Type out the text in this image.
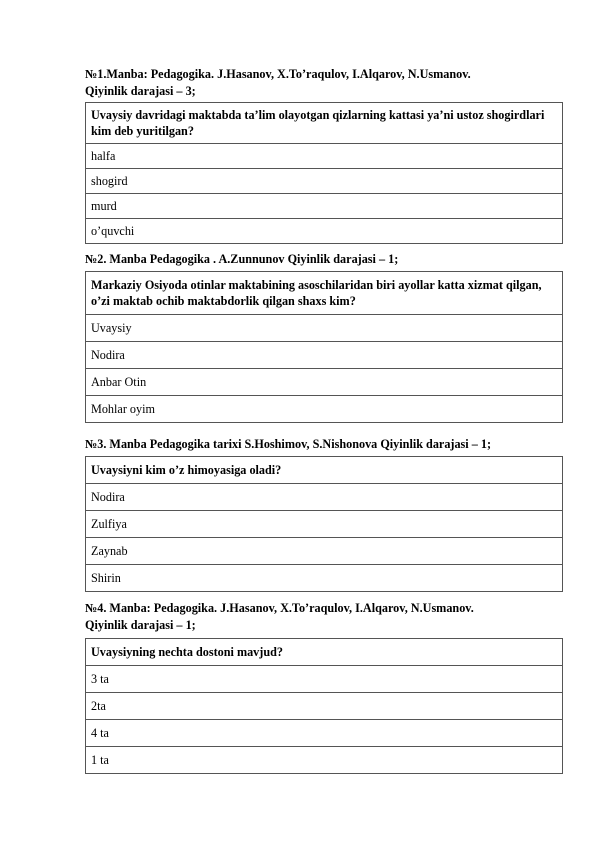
№1.Manba: Pedagogika. J.Hasanov, X.To’raqulov, I.Alqarov, N.Usmanov.
Qiyinlik darajasi – 3;
Uvaysiy davridagi maktabda ta’lim olayotgan qizlarning kattasi ya’ni ustoz shogirdlari kim deb yuritilgan?
halfa
shogird
murd
o’quvchi
№2. Manba Pedagogika . A.Zunnunov Qiyinlik darajasi – 1;
Markaziy Osiyoda otinlar maktabining asoschilaridan biri ayollar katta xizmat qilgan, o’zi maktab ochib maktabdorlik qilgan shaxs kim?
Uvaysiy
Nodira
Anbar Otin
Mohlar oyim
№3. Manba Pedagogika tarixi S.Hoshimov, S.Nishonova Qiyinlik darajasi – 1;
Uvaysiyni kim o’z himoyasiga oladi?
Nodira
Zulfiya
Zaynab
Shirin
№4. Manba: Pedagogika. J.Hasanov, X.To’raqulov, I.Alqarov, N.Usmanov.
Qiyinlik darajasi – 1;
Uvaysiyning nechta dostoni mavjud?
3 ta
2ta
4 ta
1 ta
